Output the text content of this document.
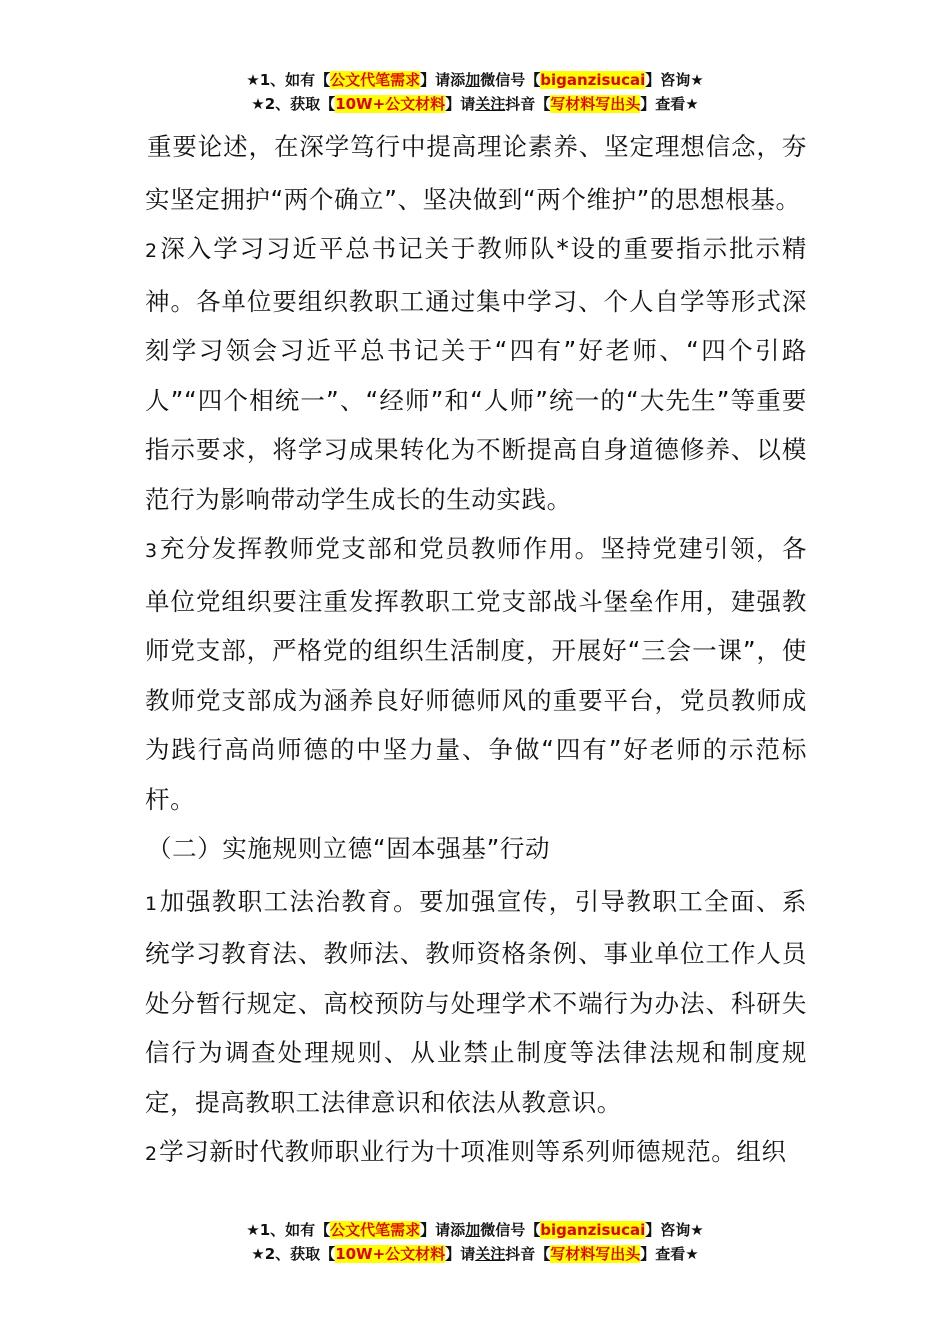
★1、如有【公文代笔需求】请添加微信号【biganzisucai】咨询★
★2、获取【10W+公文材料】请关注抖音【写材料写出头】查看★

重要论述，在深学笃行中提高理论素养、坚定理想信念，夯实坚定拥护“两个确立”、坚决做到“两个维护”的思想根基。

2深入学习习近平总书记关于教师队*设的重要指示批示精神。各单位要组织教职工通过集中学习、个人自学等形式深刻学习领会习近平总书记关于“四有”好老师、“四个引路人”“四个相统一”、“经师”和“人师”统一的“大先生”等重要指示要求，将学习成果转化为不断提高自身道德修养、以模范行为影响带动学生成长的生动实践。

3充分发挥教师党支部和党员教师作用。坚持党建引领，各单位党组织要注重发挥教职工党支部战斗堡垒作用，建强教师党支部，严格党的组织生活制度，开展好“三会一课”，使教师党支部成为涵养良好师德师风的重要平台，党员教师成为践行高尚师德的中坚力量、争做“四有”好老师的示范标杆。

（二）实施规则立德“固本强基”行动

1加强教职工法治教育。要加强宣传，引导教职工全面、系统学习教育法、教师法、教师资格条例、事业单位工作人员处分暂行规定、高校预防与处理学术不端行为办法、科研失信行为调查处理规则、从业禁止制度等法律法规和制度规定，提高教职工法律意识和依法从教意识。

2学习新时代教师职业行为十项准则等系列师德规范。组织

★1、如有【公文代笔需求】请添加微信号【biganzisucai】咨询★
★2、获取【10W+公文材料】请关注抖音【写材料写出头】查看★
